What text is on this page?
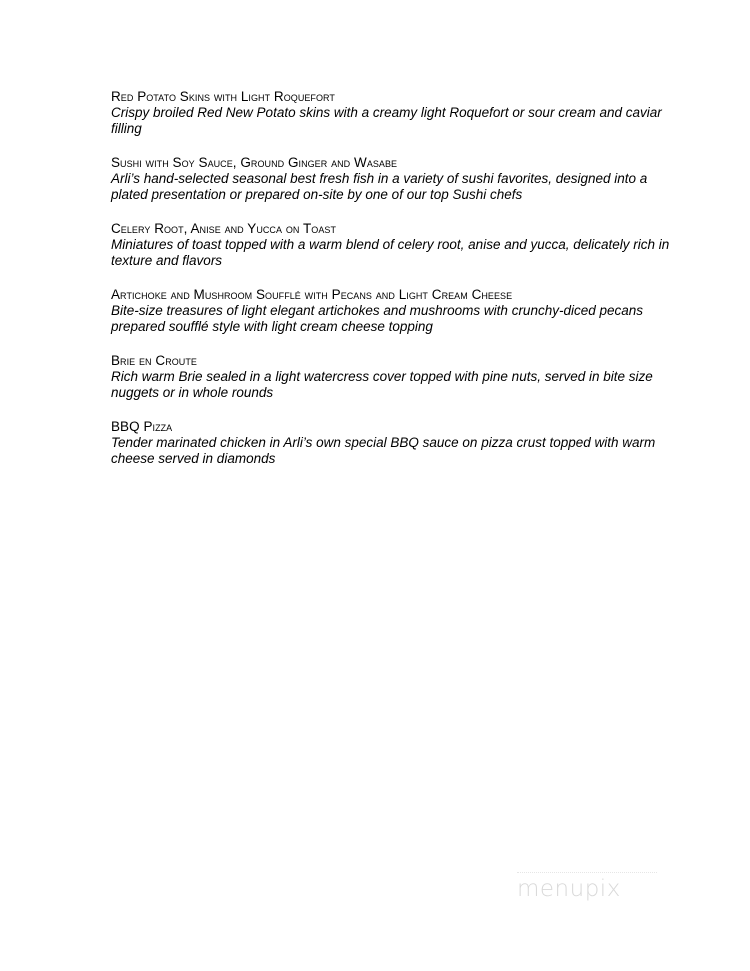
Red Potato Skins with Light Roquefort
Crispy broiled Red New Potato skins with a creamy light Roquefort or sour cream and caviar filling
Sushi with Soy Sauce, Ground Ginger and Wasabe
Arli’s hand-selected seasonal best fresh fish in a variety of sushi favorites, designed into a plated presentation or prepared on-site by one of our top Sushi chefs
Celery Root, Anise and Yucca on Toast
Miniatures of toast topped with a warm blend of celery root, anise and yucca, delicately rich in texture and flavors
Artichoke and Mushroom Soufflé with Pecans and Light Cream Cheese
Bite-size treasures of light elegant artichokes and mushrooms with crunchy-diced pecans prepared soufflé style with light cream cheese topping
Brie en Croute
Rich warm Brie sealed in a light watercress cover topped with pine nuts, served in bite size nuggets or in whole rounds
BBQ Pizza
Tender marinated chicken in Arli’s own special BBQ sauce on pizza crust topped with warm cheese served in diamonds
menupix
